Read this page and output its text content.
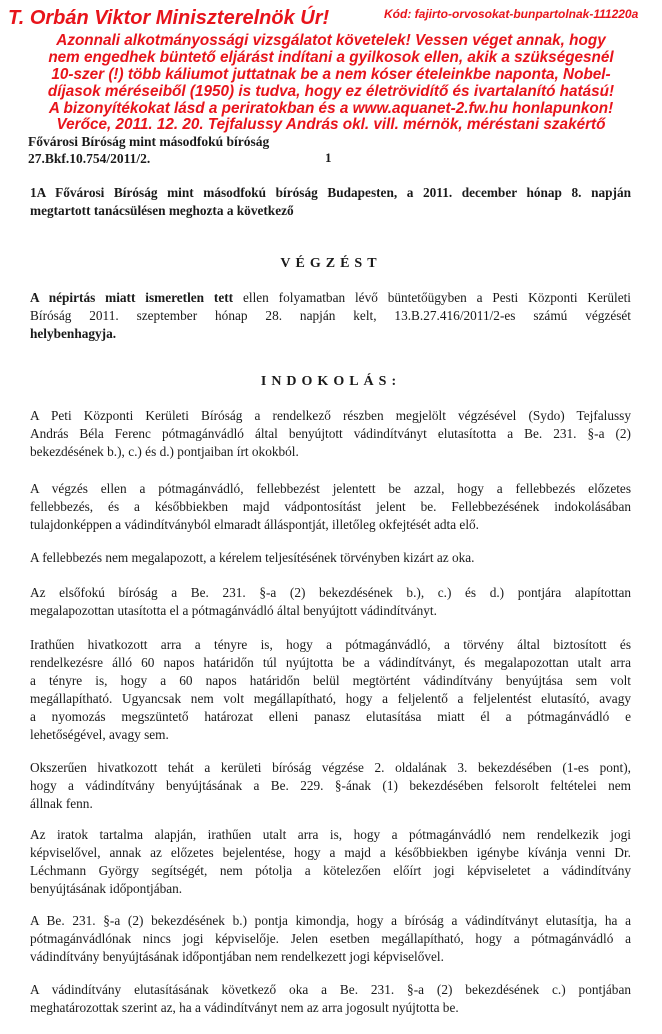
T. Orbán Viktor Miniszterelnök Úr!	Kód: fajirto-orvosokat-bunpartolnak-111220a
Azonnali alkotmányossági vizsgálatot követelek! Vessen véget annak, hogy
nem engedhek büntető eljárást indítani a gyilkosok ellen, akik a szükségesnél
10-szer (!) több káliumot juttatnak be a nem kóser ételeinkbe naponta, Nobel-
díjasok méréseiből (1950) is tudva, hogy ez életrövidítő és ivartalanító hatású!
A bizonyítékokat lásd a periratokban és a www.aquanet-2.fw.hu honlapunkon!
Verőce, 2011. 12. 20. Tejfalussy András okl. vill. mérnök, méréstani szakértő
Fővárosi Bíróság mint másodfokú bíróság
27.Bkf.10.754/2011/2.	1
1A Fővárosi Bíróság mint másodfokú bíróság Budapesten, a 2011. december hónap 8. napján
megtartott tanácsülésen meghozta a következő
VÉGZÉST
A népirtás miatt ismeretlen tett ellen folyamatban lévő büntetőügyben a Pesti Központi Kerületi
Bíróság 2011. szeptember hónap 28. napján kelt, 13.B.27.416/2011/2-es számú végzését
helybenhagyja.
INDOKOLÁS:
A Peti Központi Kerületi Bíróság a rendelkező részben megjelölt végzésével (Sydo) Tejfalussy
András Béla Ferenc pótmagánvádló által benyújtott vádindítványt elutasította a Be. 231. §-a (2)
bekezdésének b.), c.) és d.) pontjaiban írt okokból.
A végzés ellen a pótmagánvádló, fellebbezést jelentett be azzal, hogy a fellebbezés előzetes
fellebbezés, és a későbbiekben majd vádpontosítást jelent be. Fellebbezésének indokolásában
tulajdonképpen a vádindítványból elmaradt álláspontját, illetőleg okfejtését adta elő.
A fellebbezés nem megalapozott, a kérelem teljesítésének törvényben kizárt az oka.
Az elsőfokú bíróság a Be. 231. §-a (2) bekezdésének b.), c.) és d.) pontjára alapítottan
megalapozottan utasította el a pótmagánvádló által benyújtott vádindítványt.
Irathűen hivatkozott arra a tényre is, hogy a pótmagánvádló, a törvény által biztosított és
rendelkezésre álló 60 napos határidőn túl nyújtotta be a vádindítványt, és megalapozottan utalt arra
a tényre is, hogy a 60 napos határidőn belül megtörtént vádindítvány benyújtása sem volt
megállapítható. Ugyancsak nem volt megállapítható, hogy a feljelentő a feljelentést elutasító, avagy
a nyomozás megszüntető határozat elleni panasz elutasítása miatt él a pótmagánvádló e
lehetőségével, avagy sem.
Okszerűen hivatkozott tehát a kerületi bíróság végzése 2. oldalának 3. bekezdésében (1-es pont),
hogy a vádindítvány benyújtásának a Be. 229. §-ának (1) bekezdésében felsorolt feltételei nem
állnak fenn.
Az iratok tartalma alapján, irathűen utalt arra is, hogy a pótmagánvádló nem rendelkezik jogi
képviselővel, annak az előzetes bejelentése, hogy a majd a későbbiekben igénybe kívánja venni Dr.
Léchmann György segítségét, nem pótolja a kötelezően előírt jogi képviseletet a vádindítvány
benyújtásának időpontjában.
A Be. 231. §-a (2) bekezdésének b.) pontja kimondja, hogy a bíróság a vádindítványt elutasítja, ha a
pótmagánvádlónak nincs jogi képviselője. Jelen esetben megállapítható, hogy a pótmagánvádló a
vádindítvány benyújtásának időpontjában nem rendelkezett jogi képviselővel.
A vádindítvány elutasításának következő oka a Be. 231. §-a (2) bekezdésének c.) pontjában
meghatározottak szerint az, ha a vádindítványt nem az arra jogosult nyújtotta be.
